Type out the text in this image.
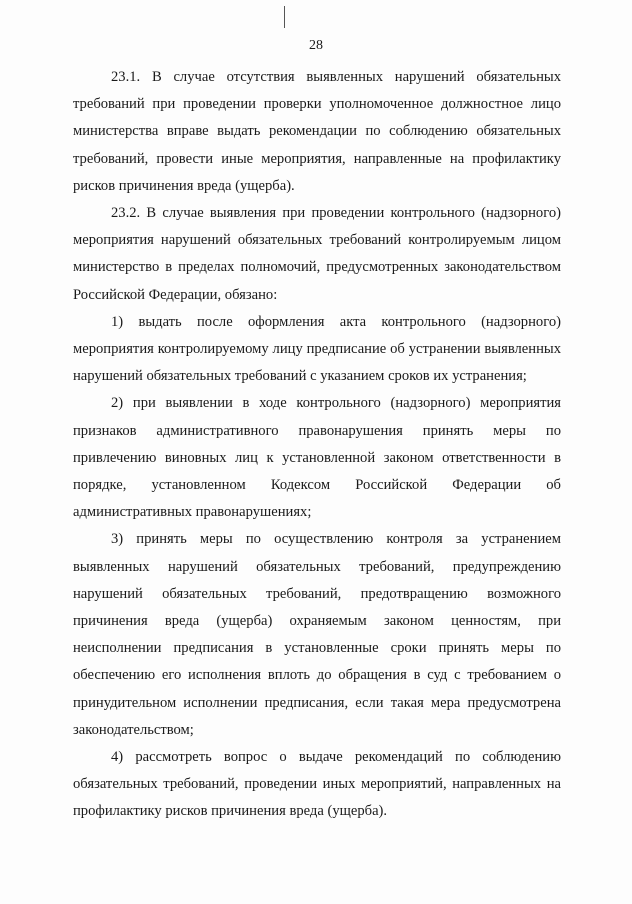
28

23.1. В случае отсутствия выявленных нарушений обязательных требований при проведении проверки уполномоченное должностное лицо министерства вправе выдать рекомендации по соблюдению обязательных требований, провести иные мероприятия, направленные на профилактику рисков причинения вреда (ущерба).

23.2. В случае выявления при проведении контрольного (надзорного) мероприятия нарушений обязательных требований контролируемым лицом министерство в пределах полномочий, предусмотренных законодательством Российской Федерации, обязано:

1) выдать после оформления акта контрольного (надзорного) мероприятия контролируемому лицу предписание об устранении выявленных нарушений обязательных требований с указанием сроков их устранения;

2) при выявлении в ходе контрольного (надзорного) мероприятия признаков административного правонарушения принять меры по привлечению виновных лиц к установленной законом ответственности в порядке, установленном Кодексом Российской Федерации об административных правонарушениях;

3) принять меры по осуществлению контроля за устранением выявленных нарушений обязательных требований, предупреждению нарушений обязательных требований, предотвращению возможного причинения вреда (ущерба) охраняемым законом ценностям, при неисполнении предписания в установленные сроки принять меры по обеспечению его исполнения вплоть до обращения в суд с требованием о принудительном исполнении предписания, если такая мера предусмотрена законодательством;

4) рассмотреть вопрос о выдаче рекомендаций по соблюдению обязательных требований, проведении иных мероприятий, направленных на профилактику рисков причинения вреда (ущерба).
